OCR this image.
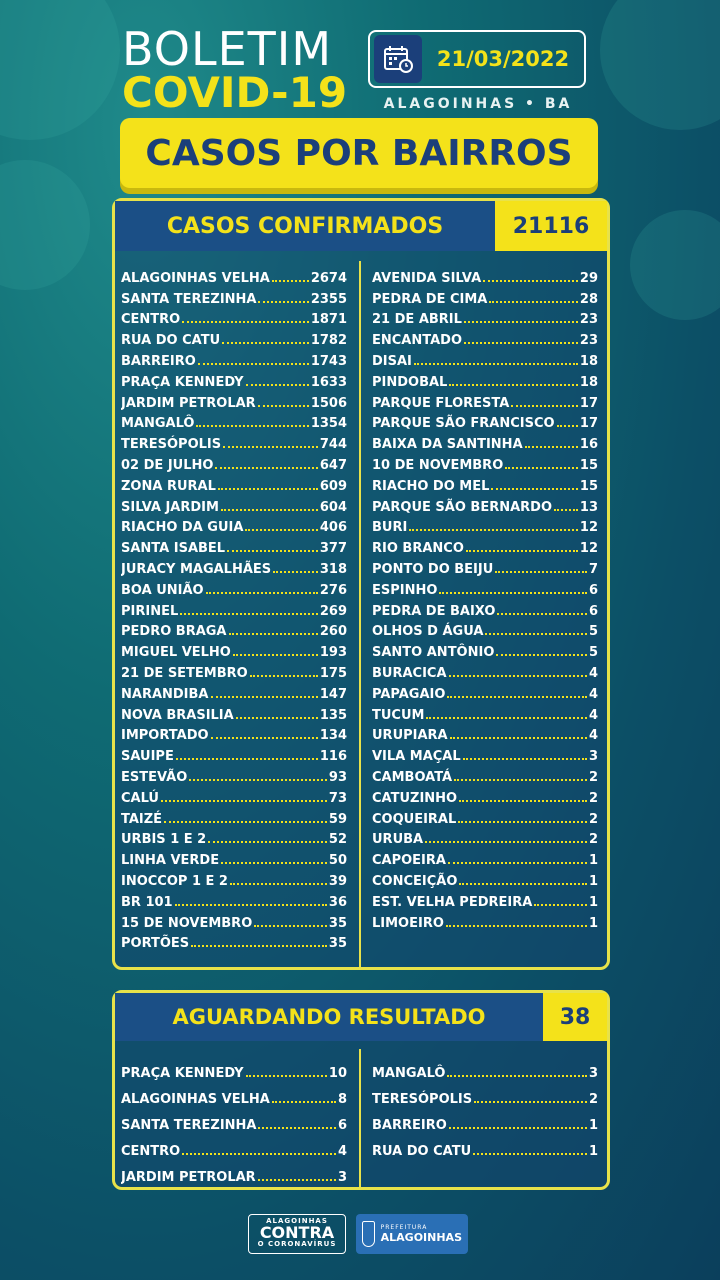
BOLETIM
COVID-19
21/03/2022
ALAGOINHAS • BA
CASOS POR BAIRROS
CASOS CONFIRMADOS	21116
ALAGOINHAS VELHA	2674
SANTA TEREZINHA	2355
CENTRO	1871
RUA DO CATU	1782
BARREIRO	1743
PRAÇA KENNEDY	1633
JARDIM PETROLAR	1506
MANGALÔ	1354
TERESÓPOLIS	744
02 DE JULHO	647
ZONA RURAL	609
SILVA JARDIM	604
RIACHO DA GUIA	406
SANTA ISABEL	377
JURACY MAGALHÃES	318
BOA UNIÃO	276
PIRINEL	269
PEDRO BRAGA	260
MIGUEL VELHO	193
21 DE SETEMBRO	175
NARANDIBA	147
NOVA BRASILIA	135
IMPORTADO	134
SAUIPE	116
ESTEVÃO	93
CALÚ	73
TAIZÉ	59
URBIS 1 E 2	52
LINHA VERDE	50
INOCCOP 1 E 2	39
BR 101	36
15 DE NOVEMBRO	35
PORTÕES	35
AVENIDA SILVA	29
PEDRA DE CIMA	28
21 DE ABRIL	23
ENCANTADO	23
DISAI	18
PINDOBAL	18
PARQUE FLORESTA	17
PARQUE SÃO FRANCISCO 17
BAIXA DA SANTINHA	16
10 DE NOVEMBRO	15
RIACHO DO MEL	15
PARQUE SÃO BERNARDO 13
BURI	12
RIO BRANCO	12
PONTO DO BEIJU	7
ESPINHO	6
PEDRA DE BAIXO	6
OLHOS D ÁGUA	5
SANTO ANTÔNIO	5
BURACICA	4
PAPAGAIO	4
TUCUM	4
URUPIARA	4
VILA MAÇAL	3
CAMBOATÁ	2
CATUZINHO	2
COQUEIRAL	2
URUBA	2
CAPOEIRA	1
CONCEIÇÃO	1
EST. VELHA PEDREIRA	1
LIMOEIRO	1
AGUARDANDO RESULTADO	38
PRAÇA KENNEDY	10
ALAGOINHAS VELHA	8
SANTA TEREZINHA	6
CENTRO	4
JARDIM PETROLAR	3
MANGALÔ	3
TERESÓPOLIS	2
BARREIRO	1
RUA DO CATU	1
ALAGOINHAS
CONTRA
O CORONAVÍRUS
PREFEITURA
ALAGOINHAS
